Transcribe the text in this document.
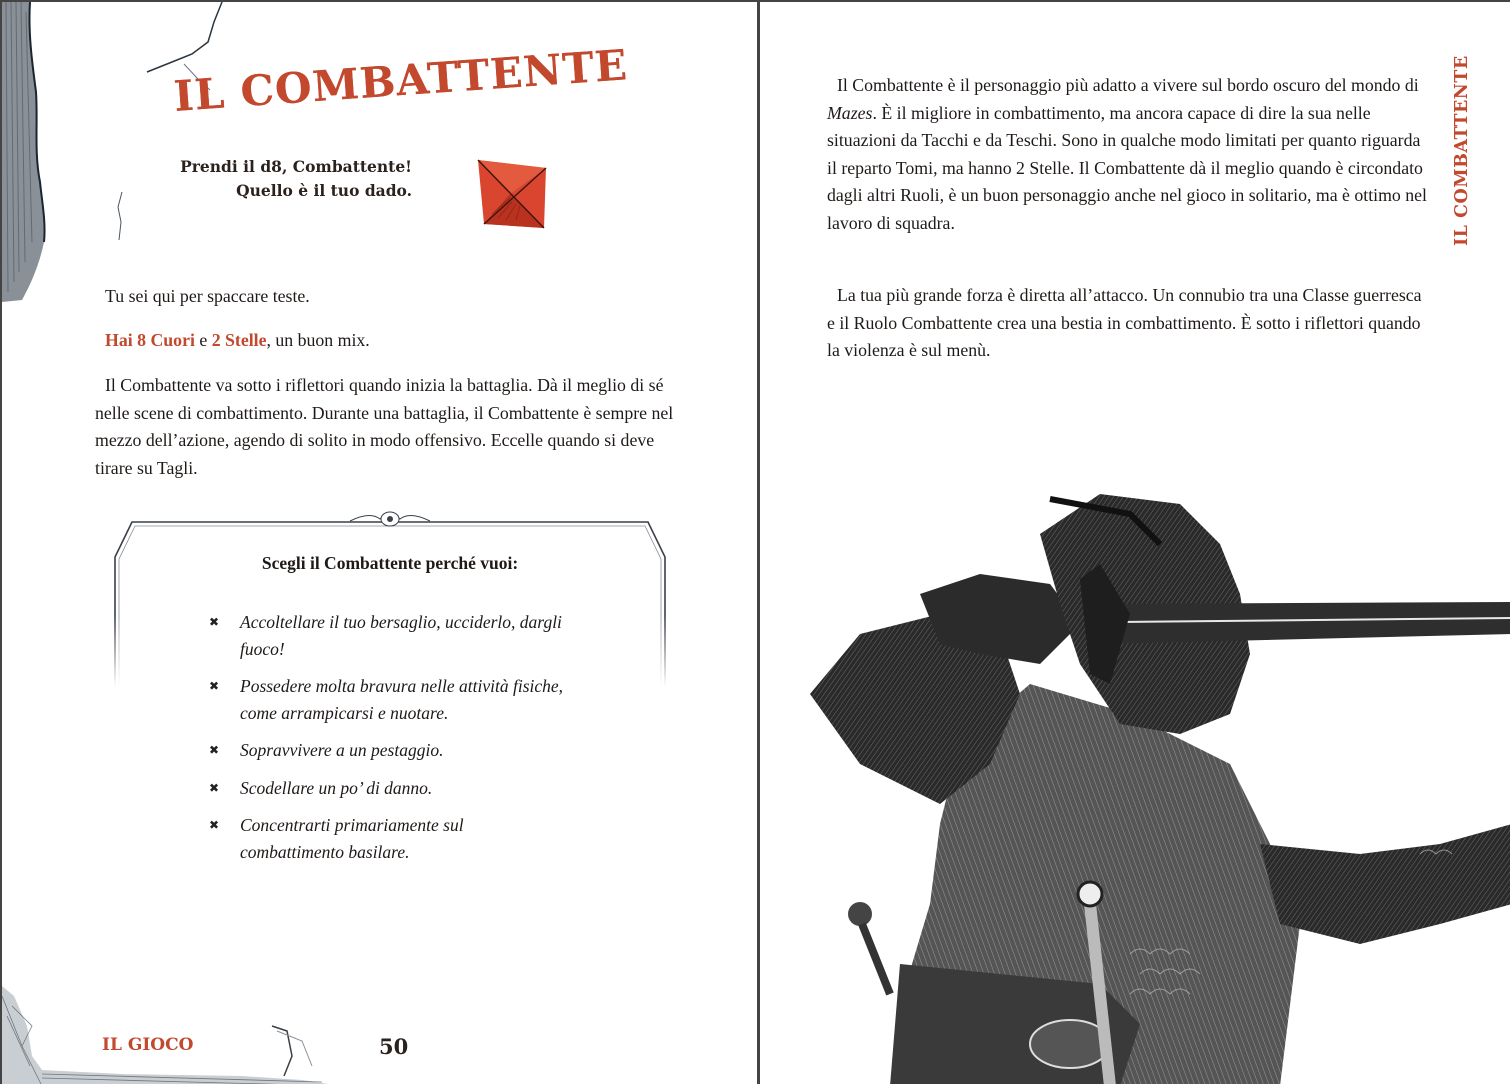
IL COMBATTENTE
Prendi il d8, Combattente!
Quello è il tuo dado.

Tu sei qui per spaccare teste.

Hai 8 Cuori e 2 Stelle, un buon mix.

Il Combattente va sotto i riflettori quando inizia la battaglia. Dà il meglio di sé nelle scene di combattimento. Durante una battaglia, il Combattente è sempre nel mezzo dell’azione, agendo di solito in modo offensivo. Eccelle quando si deve tirare su Tagli.

Scegli il Combattente perché vuoi:
✖ Accoltellare il tuo bersaglio, ucciderlo, dargli fuoco!
✖ Possedere molta bravura nelle attività fisiche, come arrampicarsi e nuotare.
✖ Sopravvivere a un pestaggio.
✖ Scodellare un po’ di danno.
✖ Concentrarti primariamente sul combattimento basilare.
IL GIOCO	50

Il Combattente è il personaggio più adatto a vivere sul bordo oscuro del mondo di Mazes. È il migliore in combattimento, ma ancora capace di dire la sua nelle situazioni da Tacchi e da Teschi. Sono in qualche modo limitati per quanto riguarda il reparto Tomi, ma hanno 2 Stelle. Il Combattente dà il meglio quando è circondato dagli altri Ruoli, è un buon personaggio anche nel gioco in solitario, ma è ottimo nel lavoro di squadra.

La tua più grande forza è diretta all’attacco. Un connubio tra una Classe guerresca e il Ruolo Combattente crea una bestia in combattimento. È sotto i riflettori quando la violenza è sul menù.

IL COMBATTENTE
